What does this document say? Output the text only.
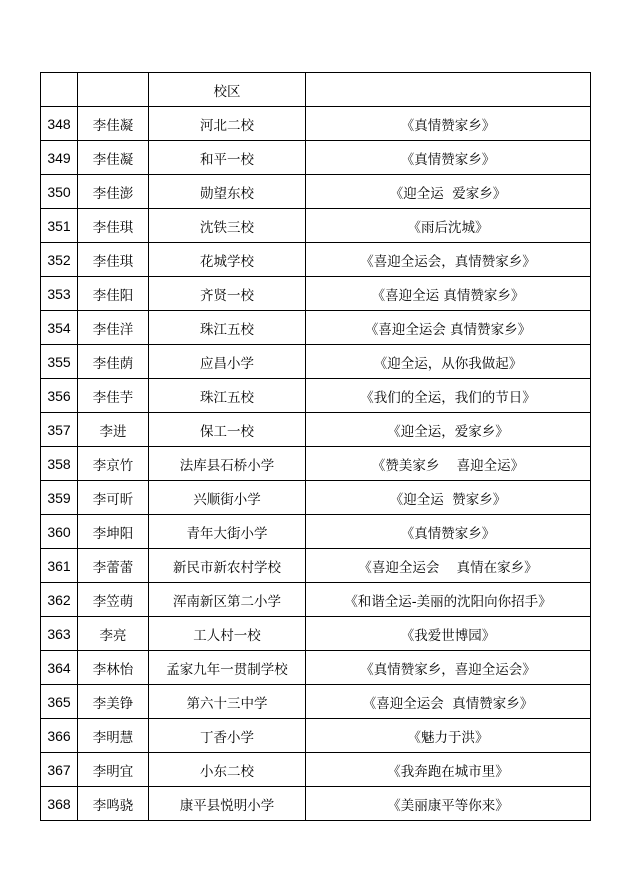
		校区	
348	李佳凝	河北二校	《真情赞家乡》
349	李佳凝	和平一校	《真情赞家乡》
350	李佳澎	勋望东校	《迎全运  爱家乡》
351	李佳琪	沈铁三校	《雨后沈城》
352	李佳琪	花城学校	《喜迎全运会，真情赞家乡》
353	李佳阳	齐贤一校	《喜迎全运 真情赞家乡》
354	李佳洋	珠江五校	《喜迎全运会 真情赞家乡》
355	李佳荫	应昌小学	《迎全运，从你我做起》
356	李佳芋	珠江五校	《我们的全运，我们的节日》
357	李进	保工一校	《迎全运，爱家乡》
358	李京竹	法库县石桥小学	《赞美家乡    喜迎全运》
359	李可昕	兴顺街小学	《迎全运  赞家乡》
360	李坤阳	青年大街小学	《真情赞家乡》
361	李蕾蕾	新民市新农村学校	《喜迎全运会    真情在家乡》
362	李笠萌	浑南新区第二小学	《和谐全运-美丽的沈阳向你招手》
363	李亮	工人村一校	《我爱世博园》
364	李林怡	孟家九年一贯制学校	《真情赞家乡，喜迎全运会》
365	李美铮	第六十三中学	《喜迎全运会  真情赞家乡》
366	李明慧	丁香小学	《魅力于洪》
367	李明宜	小东二校	《我奔跑在城市里》
368	李鸣骁	康平县悦明小学	《美丽康平等你来》
